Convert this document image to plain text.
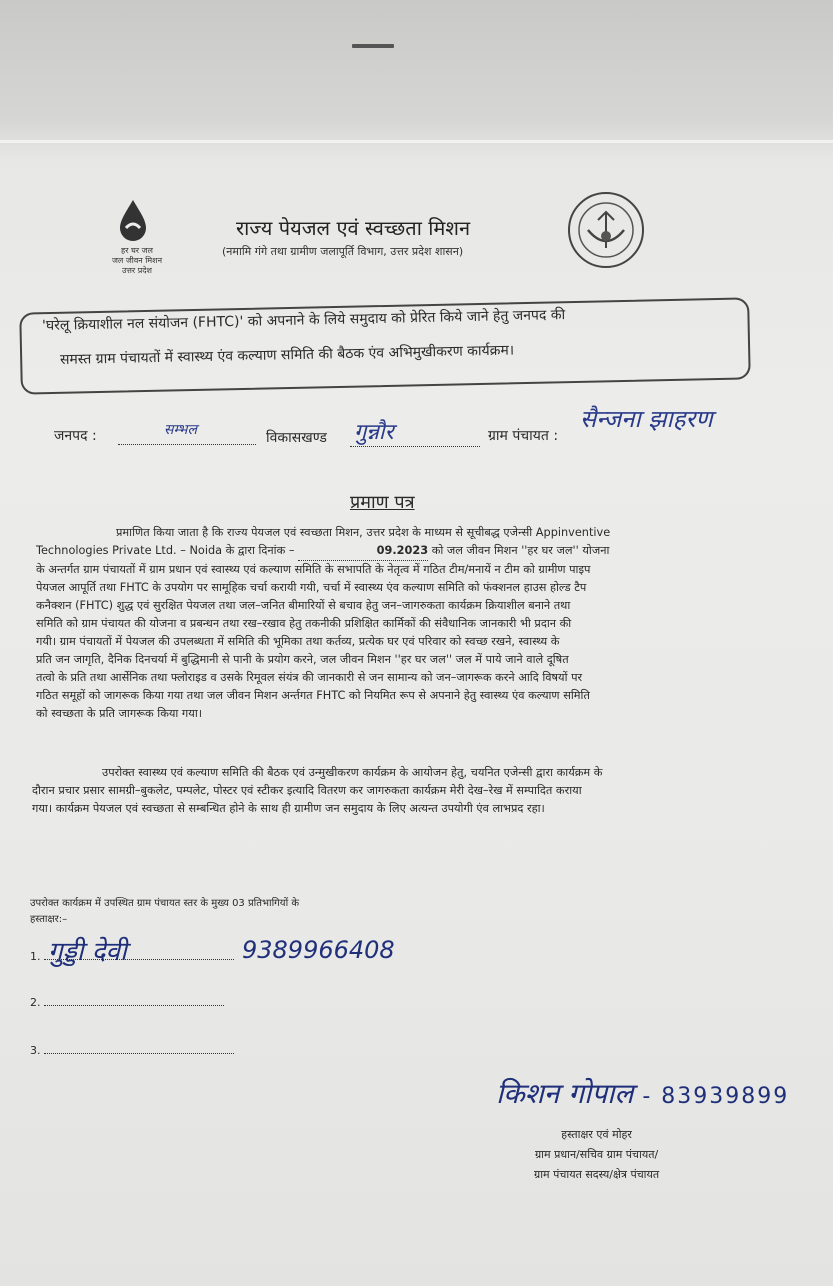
हर घर जल
जल जीवन मिशन
उत्तर प्रदेश
राज्य पेयजल एवं स्वच्छता मिशन
(नमामि गंगे तथा ग्रामीण जलापूर्ति विभाग, उत्तर प्रदेश शासन)
'घरेलू क्रियाशील नल संयोजन (FHTC)' को अपनाने के लिये समुदाय को प्रेरित किये जाने हेतु जनपद की
समस्त ग्राम पंचायतों में स्वास्थ्य एंव कल्याण समिति की बैठक एंव अभिमुखीकरण कार्यक्रम।
जनपद :	सम्भल	विकासखण्ड गुन्नौर	ग्राम पंचायत :
सैन्जना झाहरण
प्रमाण पत्र
प्रमाणित किया जाता है कि राज्य पेयजल एवं स्वच्छता मिशन, उत्तर प्रदेश के माध्यम से सूचीबद्ध एजेन्सी Appinventive
Technologies Private Ltd. – Noida के द्वारा दिनांक –	09.2023 को जल जीवन मिशन ''हर घर जल'' योजना
के अन्तर्गत ग्राम पंचायतों में ग्राम प्रधान एवं स्वास्थ्य एवं कल्याण समिति के सभापति के नेतृत्व में गठित टीम/मनायें न टीम को ग्रामीण पाइप
पेयजल आपूर्ति तथा FHTC के उपयोग पर सामूहिक चर्चा करायी गयी, चर्चा में स्वास्थ्य एंव कल्याण समिति को फंक्शनल हाउस होल्ड टैप
कनैक्शन (FHTC) शुद्ध एवं सुरक्षित पेयजल तथा जल–जनित बीमारियों से बचाव हेतु जन–जागरुकता कार्यक्रम क्रियाशील बनाने तथा
समिति को ग्राम पंचायत की योजना व प्रबन्धन तथा रख–रखाव हेतु तकनीकी प्रशिक्षित कार्मिकों की संवैधानिक जानकारी भी प्रदान की
गयी। ग्राम पंचायतों में पेयजल की उपलब्धता में समिति की भूमिका तथा कर्तव्य, प्रत्येक घर एवं परिवार को स्वच्छ रखने, स्वास्थ्य के
प्रति जन जागृति, दैनिक दिनचर्या में बुद्धिमानी से पानी के प्रयोग करने, जल जीवन मिशन ''हर घर जल'' जल में पाये जाने वाले दूषित
तत्वो के प्रति तथा आर्सेनिक तथा फ्लोराइड व उसके रिमूवल संयंत्र की जानकारी से जन सामान्य को जन–जागरूक करने आदि विषयों पर
गठित समूहों को जागरूक किया गया तथा जल जीवन मिशन अर्न्तगत FHTC को नियमित रूप से अपनाने हेतु स्वास्थ्य एंव कल्याण समिति
को स्वच्छता के प्रति जागरूक किया गया।
उपरोक्त स्वास्थ्य एवं कल्याण समिति की बैठक एवं उन्मुखीकरण कार्यक्रम के आयोजन हेतु, चयनित एजेन्सी द्वारा कार्यक्रम के
दौरान प्रचार प्रसार सामग्री–बुकलेट, पम्पलेट, पोस्टर एवं स्टीकर इत्यादि वितरण कर जागरुकता कार्यक्रम मेरी देख–रेख में सम्पादित कराया
गया। कार्यक्रम पेयजल एवं स्वच्छता से सम्बन्धित होने के साथ ही ग्रामीण जन समुदाय के लिए अत्यन्त उपयोगी एंव लाभप्रद रहा।
उपरोक्त कार्यक्रम में उपस्थित ग्राम पंचायत स्तर के मुख्य 03 प्रतिभागियों के
हस्ताक्षर:–
1. गुड्डी देवी	9389966408
2.
3.
किशन गोपाल - 83939899
हस्ताक्षर एवं मोहर
ग्राम प्रधान/सचिव ग्राम पंचायत/
ग्राम पंचायत सदस्य/क्षेत्र पंचायत
